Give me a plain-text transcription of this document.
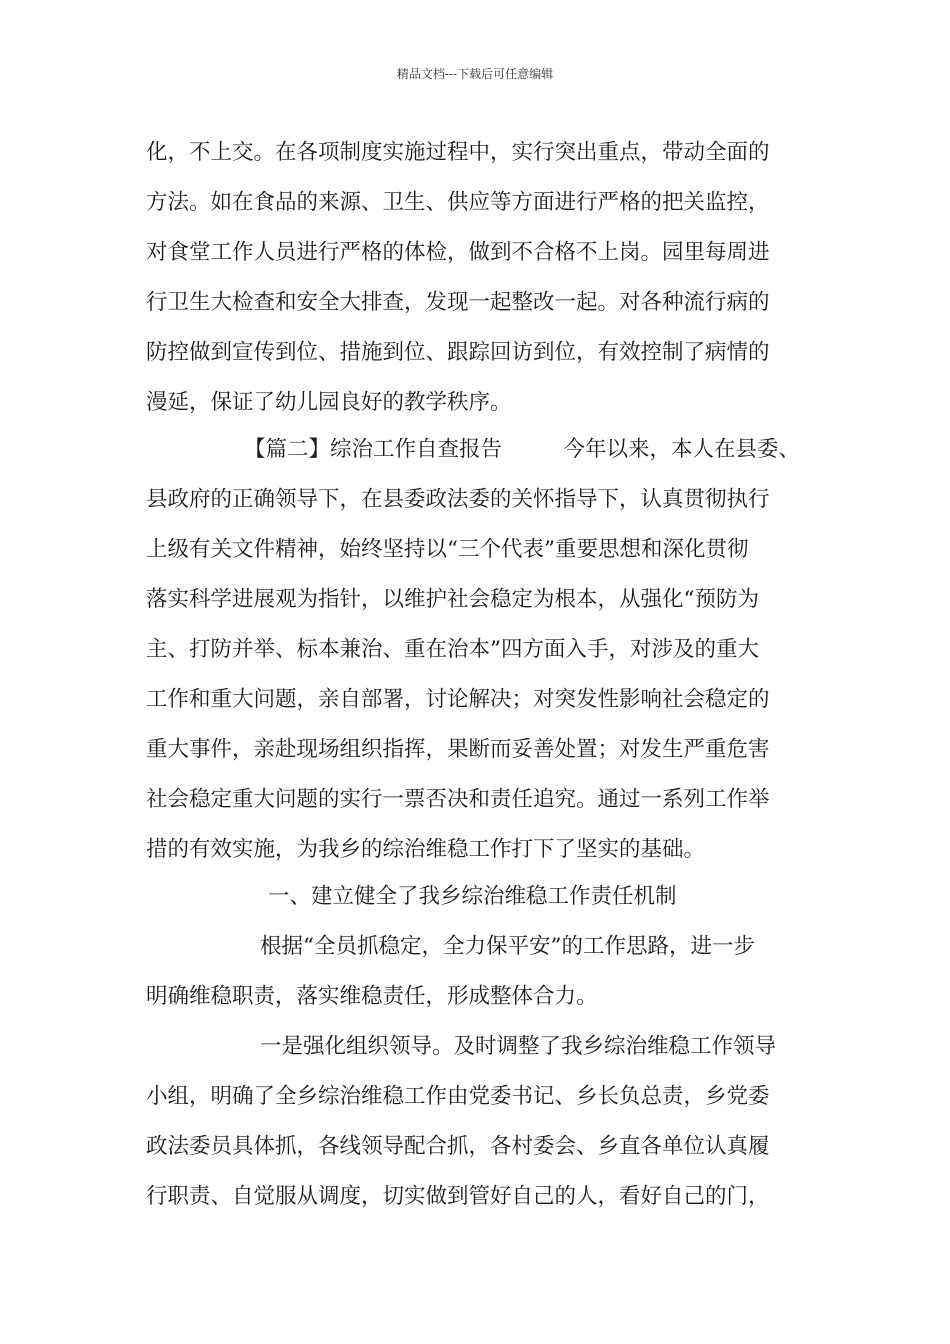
精品文档---下载后可任意编辑
化，不上交。在各项制度实施过程中，实行突出重点，带动全面的
方法。如在食品的来源、卫生、供应等方面进行严格的把关监控，
对食堂工作人员进行严格的体检，做到不合格不上岗。园里每周进
行卫生大检查和安全大排查，发现一起整改一起。对各种流行病的
防控做到宣传到位、措施到位、跟踪回访到位，有效控制了病情的
漫延，保证了幼儿园良好的教学秩序。
【篇二】综治工作自查报告         今年以来，本人在县委、
县政府的正确领导下，在县委政法委的关怀指导下，认真贯彻执行
上级有关文件精神，始终坚持以“三个代表”重要思想和深化贯彻
落实科学进展观为指针，以维护社会稳定为根本，从强化“预防为
主、打防并举、标本兼治、重在治本”四方面入手，对涉及的重大
工作和重大问题，亲自部署，讨论解决；对突发性影响社会稳定的
重大事件，亲赴现场组织指挥，果断而妥善处置；对发生严重危害
社会稳定重大问题的实行一票否决和责任追究。通过一系列工作举
措的有效实施，为我乡的综治维稳工作打下了坚实的基础。
一、建立健全了我乡综治维稳工作责任机制
根据“全员抓稳定，全力保平安”的工作思路，进一步
明确维稳职责，落实维稳责任，形成整体合力。
一是强化组织领导。及时调整了我乡综治维稳工作领导
小组，明确了全乡综治维稳工作由党委书记、乡长负总责，乡党委
政法委员具体抓，各线领导配合抓，各村委会、乡直各单位认真履
行职责、自觉服从调度，切实做到管好自己的人，看好自己的门，
